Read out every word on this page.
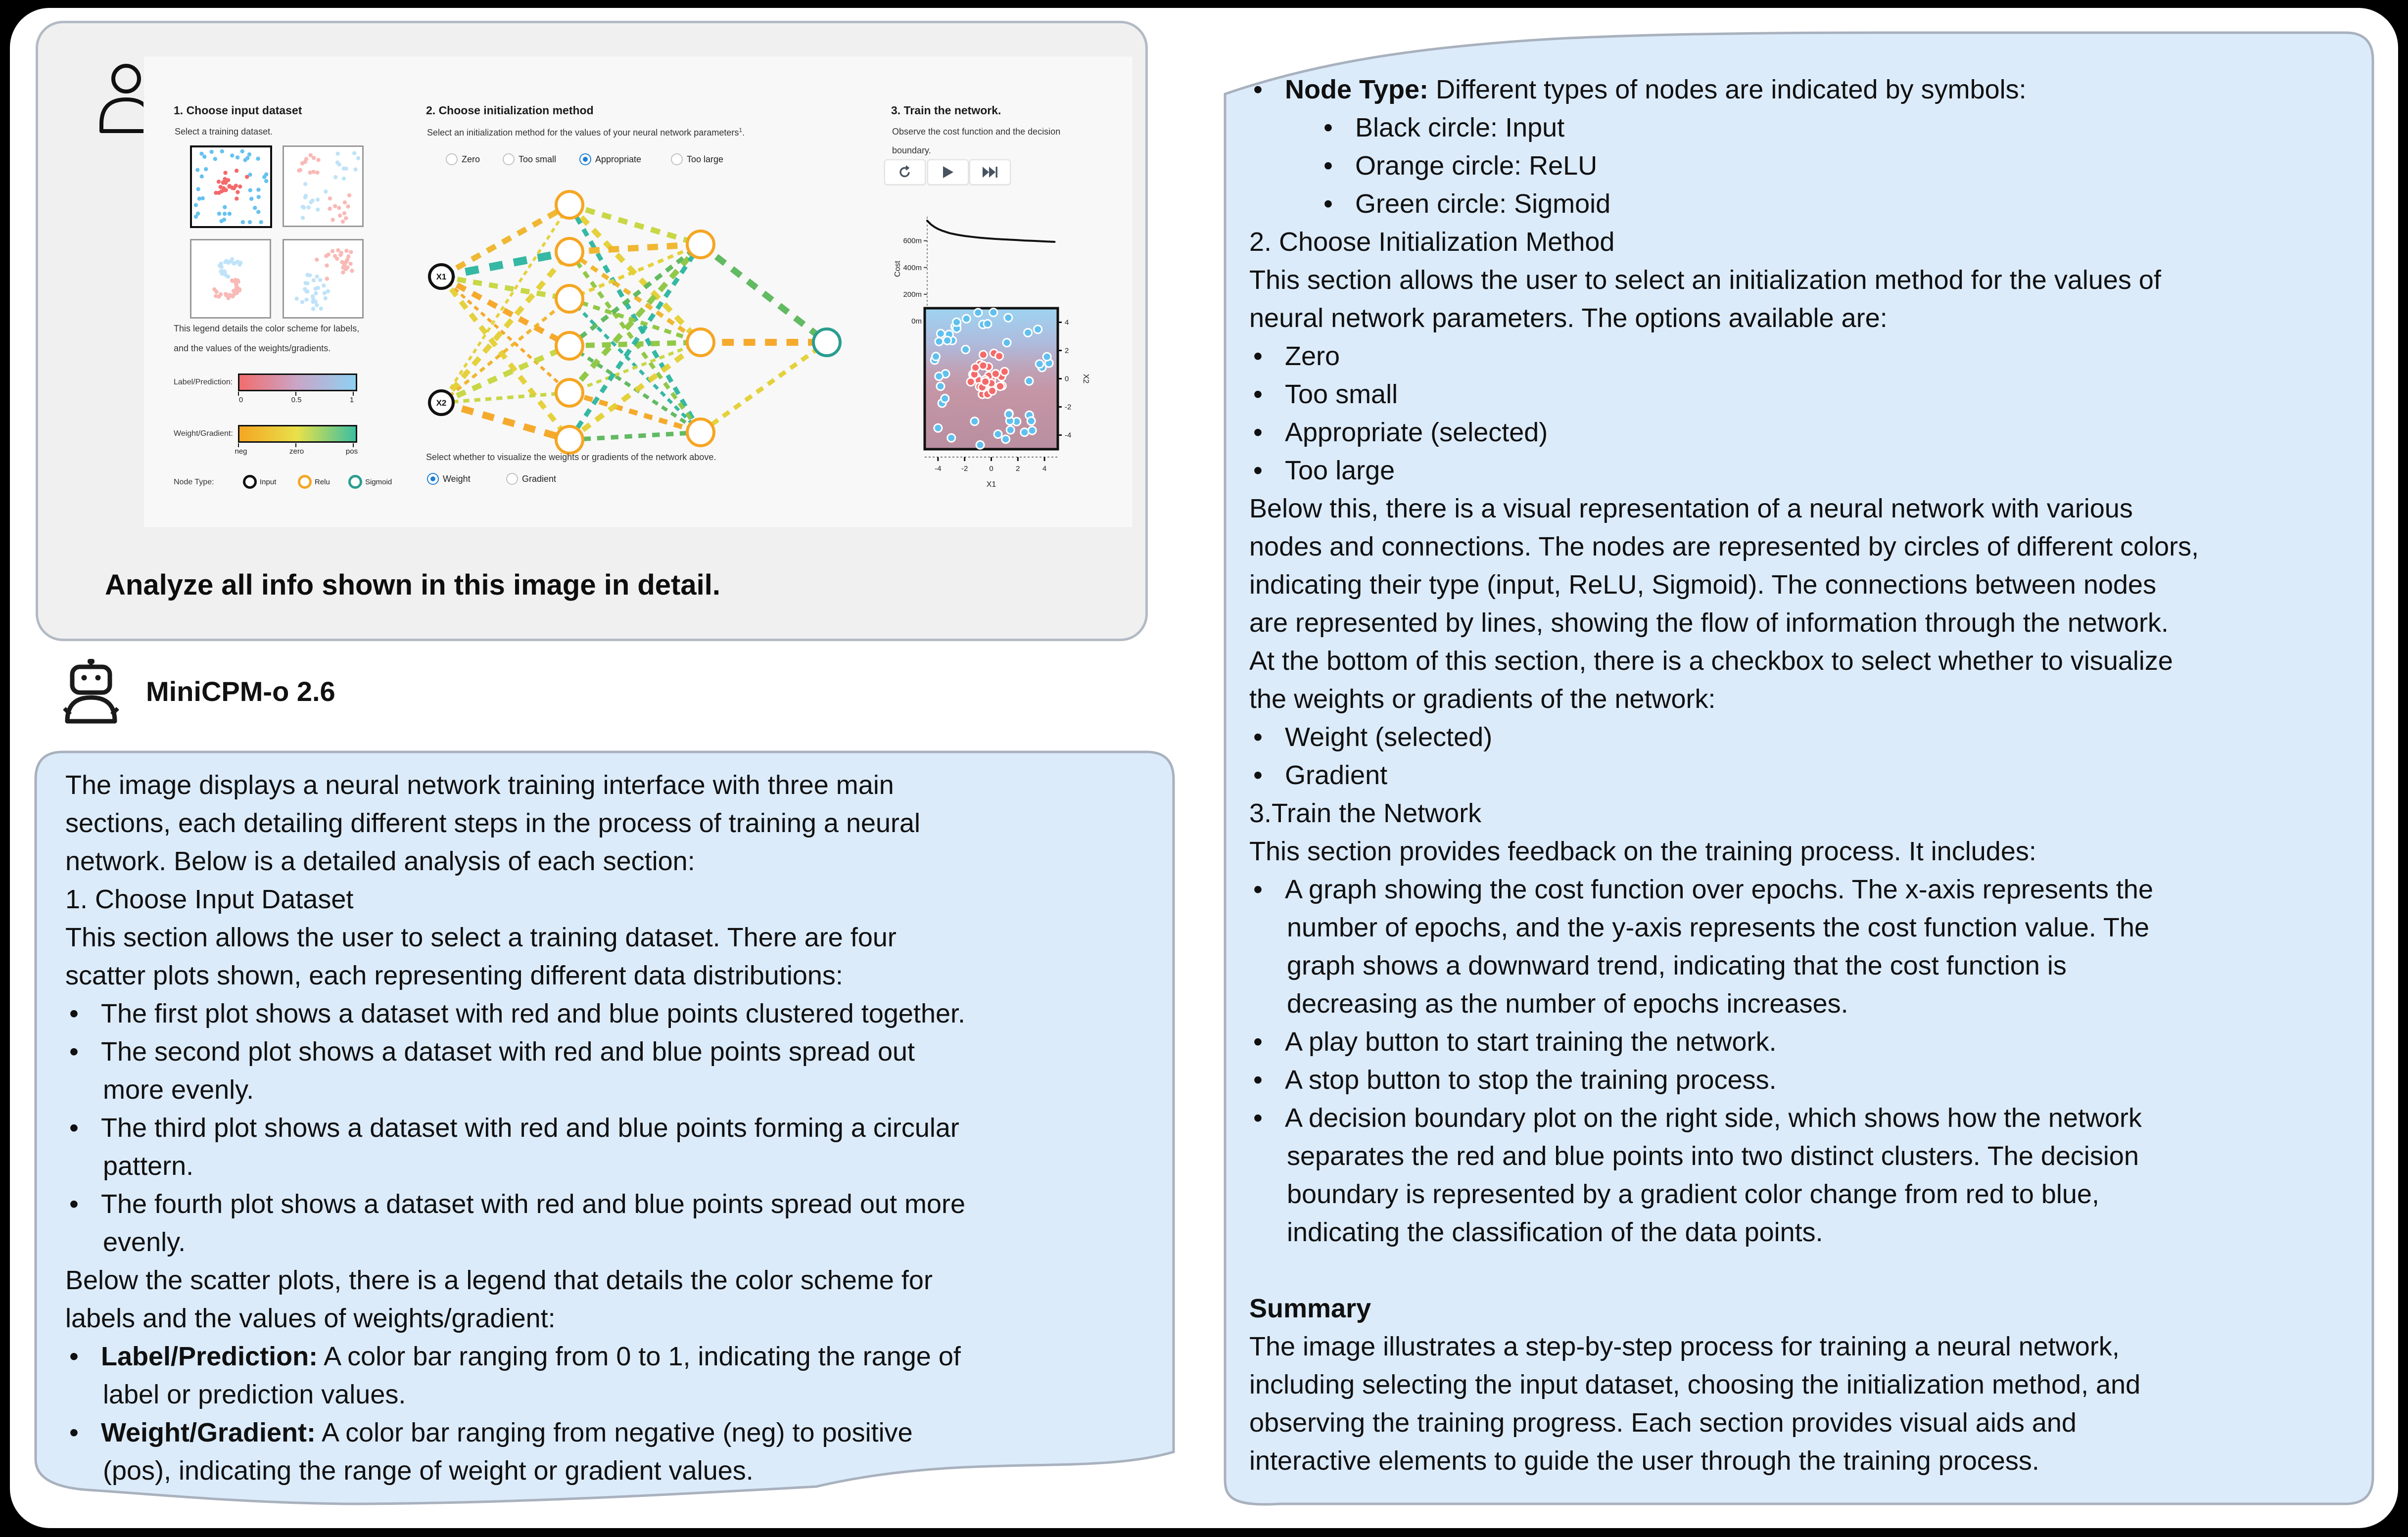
1. Choose input dataset
Select a training dataset.
This legend details the color scheme for labels,
and the values of the weights/gradients.
Label/Prediction:
Weight/Gradient:
Node Type:
2. Choose initialization method
Select an initialization method for the values of your neural network parameters$^1$.
X1
X2
Select whether to visualize the weights or gradients of the network above.
3. Train the network.
Observe the cost function and the decision
boundary.
0m
200m
400m
600m
Cost
4
2
0
-2
-4
-4	-2	0	2	4
X1
X2
0	0.5	1
neg	zero	pos
Input	Relu	Sigmoid
Zero	Too small	Appropriate	Too large
Weight	Gradient
Analyze all info shown in this image in detail.
MiniCPM-o 2.6
The image displays a neural network training interface with three main
sections, each detailing different steps in the process of training a neural
network. Below is a detailed analysis of each section:
1. Choose Input Dataset
This section allows the user to select a training dataset. There are four
scatter plots shown, each representing different data distributions:
• The first plot shows a dataset with red and blue points clustered together.
• The second plot shows a dataset with red and blue points spread out
more evenly.
• The third plot shows a dataset with red and blue points forming a circular
pattern.
• The fourth plot shows a dataset with red and blue points spread out more
evenly.
Below the scatter plots, there is a legend that details the color scheme for
labels and the values of weights/gradient:
• Label/Prediction: A color bar ranging from 0 to 1, indicating the range of
label or prediction values.
• Weight/Gradient: A color bar ranging from negative (neg) to positive
(pos), indicating the range of weight or gradient values.
• Node Type: Different types of nodes are indicated by symbols:
• Black circle: Input
• Orange circle: ReLU
• Green circle: Sigmoid
2. Choose Initialization Method
This section allows the user to select an initialization method for the values of
neural network parameters. The options available are:
• Zero
• Too small
• Appropriate (selected)
• Too large
Below this, there is a visual representation of a neural network with various
nodes and connections. The nodes are represented by circles of different colors,
indicating their type (input, ReLU, Sigmoid). The connections between nodes
are represented by lines, showing the flow of information through the network.
At the bottom of this section, there is a checkbox to select whether to visualize
the weights or gradients of the network:
• Weight (selected)
• Gradient
3.Train the Network
This section provides feedback on the training process. It includes:
• A graph showing the cost function over epochs. The x-axis represents the
number of epochs, and the y-axis represents the cost function value. The
graph shows a downward trend, indicating that the cost function is
decreasing as the number of epochs increases.
• A play button to start training the network.
• A stop button to stop the training process.
• A decision boundary plot on the right side, which shows how the network
separates the red and blue points into two distinct clusters. The decision
boundary is represented by a gradient color change from red to blue,
indicating the classification of the data points.
Summary
The image illustrates a step-by-step process for training a neural network,
including selecting the input dataset, choosing the initialization method, and
observing the training progress. Each section provides visual aids and
interactive elements to guide the user through the training process.
